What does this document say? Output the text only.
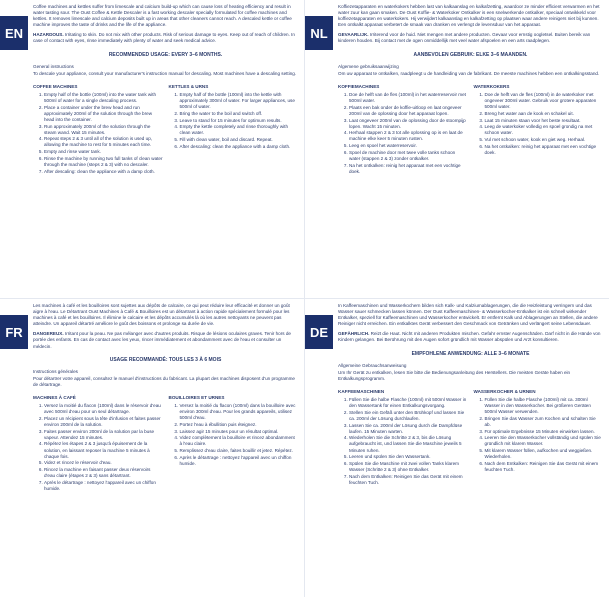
EN

Coffee machines and kettles suffer from limescale and calcium build-up which can cause loss of heating efficiency and result in water tasting sour. The Oust Coffee & Kettle Descaler is a fast working descaler specially formulated for coffee machines and kettles. It removes limescale and calcium deposits built up in areas that other cleaners cannot reach. A descaled kettle or coffee machine improves the taste of drinks and the life of the appliance.

HAZARDOUS. Irritating to skin. Do not mix with other products. Risk of serious damage to eyes. Keep out of reach of children. In case of contact with eyes, rinse immediately with plenty of water and seek medical advice.

RECOMMENDED USAGE: EVERY 3–6 MONTHS.
General instructions
To descale your appliance, consult your manufacturer's instruction manual for descaling. Most machines have a descaling setting.
COFFEE MACHINES
1. Empty half of the bottle (100ml) into the water tank with 500ml of water for a single descaling process.
2. Place a container under the brew head and run approximately 200ml of the solution through the brew head into the container.
3. Run approximately 200ml of the solution through the steam wand. Wait 15 minutes.
4. Repeat steps 2 & 3 until all of the solution is used up, allowing the machine to rest for 5 minutes each time.
5. Empty and rinse water tank.
6. Rinse the machine by running two full tanks of clean water through the machine (steps 2 & 3) with no descaler.
7. After descaling: clean the appliance with a damp cloth.
KETTLES & URNS
1. Empty half of the bottle (100ml) into the kettle with approximately 300ml of water. For larger appliances, use 500ml of water.
2. Bring the water to the boil and switch off.
3. Leave to stand for 15 minutes for optimum results.
4. Empty the kettle completely and rinse thoroughly with clean water.
5. Fill with clean water, boil and discard. Repeat.
6. After descaling: clean the appliance with a damp cloth.
NL

Koffiezetapparaten en waterkokers hebben last van kalkaanslag en kalkafzetting, waardoor ze minder efficient verwarmen en het water zuur kan gaan smaken. De Oust Koffie- & Waterkoker Ontkalker is een snelwerkende ontkalker, speciaal ontwikkeld voor koffiezetapparaten en waterkokers. Hij verwijdert kalkaanslag en kalkafzetting op plaatsen waar andere reinigers niet bij kunnen. Een ontkalkt apparaat verbetert de smaak van dranken en verlengt de levensduur van het apparaat.

GEVAARLIJK. Irriterend voor de huid. Niet mengen met andere producten. Gevaar voor ernstig oogletsel. Buiten bereik van kinderen houden. Bij contact met de ogen onmiddellijk met veel water afspoelen en een arts raadplegen.

AANBEVOLEN GEBRUIK: ELKE 3–6 MAANDEN.
Algemene gebruiksaanwijzing
Om uw apparaat te ontkalken, raadpleegt u de handleiding van de fabrikant. De meeste machines hebben een ontkalkingsstand.
KOFFIEMACHINES
1. Doe de helft van de fles (100ml) in het waterreservoir met 500ml water.
2. Plaats een bak onder de koffie-uitloop en laat ongeveer 200ml van de oplossing door het apparaat lopen.
3. Laat ongeveer 200ml van de oplossing door de stoompijp lopen. Wacht 15 minuten.
4. Herhaal stappen 2 & 3 tot alle oplossing op is en laat de machine elke keer 5 minuten rusten.
5. Leeg en spoel het waterreservoir.
6. Spoel de machine door met twee volle tanks schoon water (stappen 2 & 3) zonder ontkalker.
7. Na het ontkalken: reinig het apparaat met een vochtige doek.
WATERKOKERS
1. Doe de helft van de fles (100ml) in de waterkoker met ongeveer 300ml water. Gebruik voor grotere apparaten 500ml water.
2. Breng het water aan de kook en schakel uit.
3. Laat 15 minuten staan voor het beste resultaat.
4. Leeg de waterkoker volledig en spoel grondig na met schoon water.
5. Vul met schoon water, kook en giet weg. Herhaal.
6. Na het ontkalken: reinig het apparaat met een vochtige doek.
FR

Les machines à café et les bouilloires sont sujettes aux dépôts de calcaire, ce qui peut réduire leur efficacité et donner un goût aigre à l'eau. Le Détartrant Oust Machines à Café & Bouilloires est un détartrant à action rapide spécialement formulé pour les machines à café et les bouilloires. Il élimine le calcaire et les dépôts accumulés là où les autres nettoyants ne peuvent pas atteindre. Un appareil détartré améliore le goût des boissons et prolonge sa durée de vie.

DANGEREUX. Irritant pour la peau. Ne pas mélanger avec d'autres produits. Risque de lésions oculaires graves. Tenir hors de portée des enfants. En cas de contact avec les yeux, rincer immédiatement et abondamment avec de l'eau et consulter un médecin.

USAGE RECOMMANDÉ: TOUS LES 3 À 6 MOIS
Instructions générales
Pour détartrer votre appareil, consultez le manuel d'instructions du fabricant. La plupart des machines disposent d'un programme de détartrage.
MACHINES À CAFÉ
1. Versez la moitié du flacon (100ml) dans le réservoir d'eau avec 500ml d'eau pour un seul détartrage.
2. Placez un récipient sous la tête d'infusion et faites passer environ 200ml de la solution.
3. Faites passer environ 200ml de la solution par la buse vapeur. Attendez 15 minutes.
4. Répétez les étapes 2 & 3 jusqu'à épuisement de la solution, en laissant reposer la machine 5 minutes à chaque fois.
5. Videz et rincez le réservoir d'eau.
6. Rincez la machine en faisant passer deux réservoirs d'eau claire (étapes 2 & 3) sans détartrant.
7. Après le détartrage : nettoyez l'appareil avec un chiffon humide.
BOUILLOIRES ET URNES
1. Versez la moitié du flacon (100ml) dans la bouilloire avec environ 300ml d'eau. Pour les grands appareils, utilisez 500ml d'eau.
2. Portez l'eau à ébullition puis éteignez.
3. Laissez agir 15 minutes pour un résultat optimal.
4. Videz complètement la bouilloire et rincez abondamment à l'eau claire.
5. Remplissez d'eau claire, faites bouillir et jetez. Répétez.
6. Après le détartrage : nettoyez l'appareil avec un chiffon humide.
DE

In Kaffeemaschinen und Wasserkochern bilden sich Kalk- und Kalziumablagerungen, die die Heizleistung verringern und das Wasser sauer schmecken lassen können. Der Oust Kaffeemaschinen- & Wasserkocher-Entkalker ist ein schnell wirkender Entkalker, speziell für Kaffeemaschinen und Wasserkocher entwickelt. Er entfernt Kalk und Ablagerungen an Stellen, die andere Reiniger nicht erreichen. Ein entkalktes Gerät verbessert den Geschmack von Getränken und verlängert seine Lebensdauer.

GEFÄHRLICH. Reizt die Haut. Nicht mit anderen Produkten mischen. Gefahr ernster Augenschäden. Darf nicht in die Hände von Kindern gelangen. Bei Berührung mit den Augen sofort gründlich mit Wasser abspülen und Arzt konsultieren.

EMPFOHLENE ANWENDUNG: ALLE 3–6 MONATE
Allgemeine Gebrauchsanweisung
Um Ihr Gerät zu entkalken, lesen Sie bitte die Bedienungsanleitung des Herstellers. Die meisten Geräte haben ein Entkalkungsprogramm.
KAFFEEMASCHINEN
1. Füllen Sie die halbe Flasche (100ml) mit 500ml Wasser in den Wassertank für einen Entkalkungsvorgang.
2. Stellen Sie ein Gefäß unter den Brühkopf und lassen Sie ca. 200ml der Lösung durchlaufen.
3. Lassen Sie ca. 200ml der Lösung durch die Dampfdüse laufen. 15 Minuten warten.
4. Wiederholen Sie die Schritte 2 & 3, bis die Lösung aufgebraucht ist, und lassen Sie die Maschine jeweils 5 Minuten ruhen.
5. Leeren und spülen Sie den Wassertank.
6. Spülen Sie die Maschine mit zwei vollen Tanks klarem Wasser (Schritte 2 & 3) ohne Entkalker.
7. Nach dem Entkalken: Reinigen Sie das Gerät mit einem feuchten Tuch.
WASSERKOCHER & URNEN
1. Füllen Sie die halbe Flasche (100ml) mit ca. 300ml Wasser in den Wasserkocher. Bei größeren Geräten 500ml Wasser verwenden.
2. Bringen Sie das Wasser zum Kochen und schalten Sie ab.
3. Für optimale Ergebnisse 15 Minuten einwirken lassen.
4. Leeren Sie den Wasserkocher vollständig und spülen Sie gründlich mit klarem Wasser.
5. Mit klarem Wasser füllen, aufkochen und weggießen. Wiederholen.
6. Nach dem Entkalken: Reinigen Sie das Gerät mit einem feuchten Tuch.
